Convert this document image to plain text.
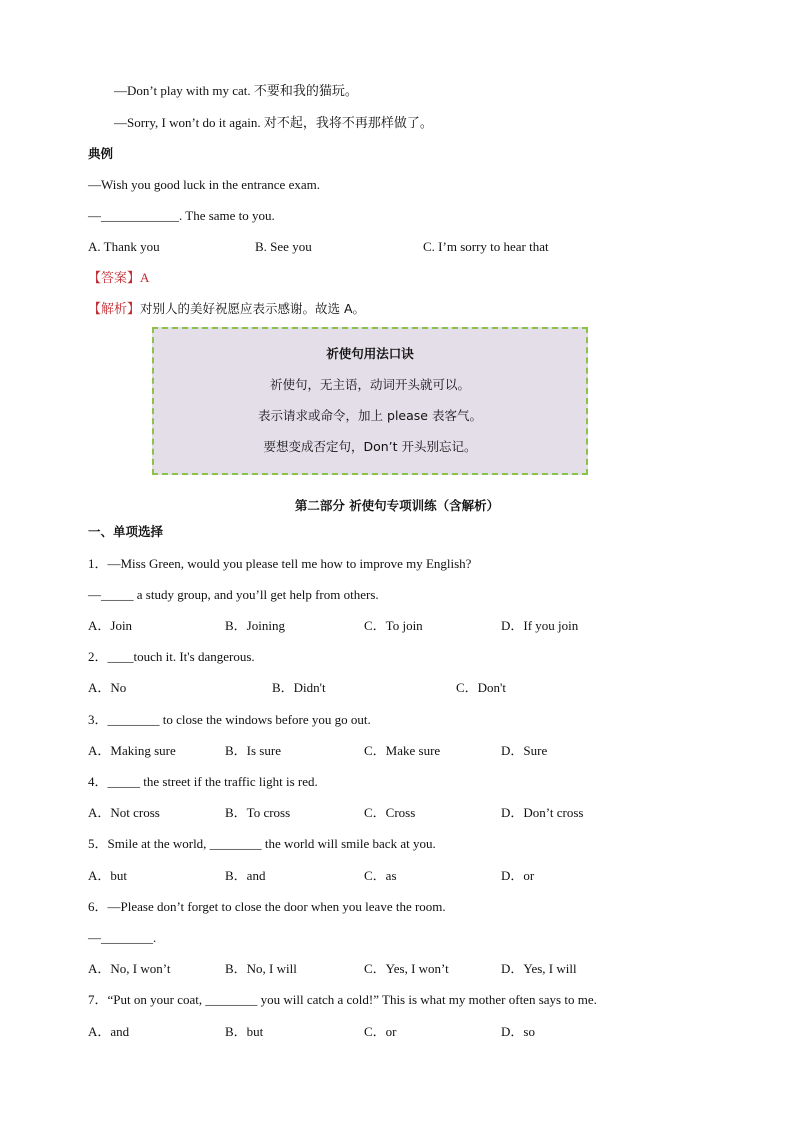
—Don’t play with my cat. 不要和我的猫玩。
—Sorry, I won’t do it again. 对不起，我将不再那样做了。
典例
—Wish you good luck in the entrance exam.
—____________. The same to you.
A. Thank you	B. See you	C. I’m sorry to hear that
【答案】A
【解析】对别人的美好祝愿应表示感谢。故选 A。
祈使句用法口诀
祈使句，无主语，动词开头就可以。
表示请求或命令，加上 please 表客气。
要想变成否定句，Don’t 开头别忘记。
第二部分 祈使句专项训练（含解析）
一、单项选择
1．—Miss Green, would you please tell me how to improve my English?
—_____ a study group, and you’ll get help from others.
A．Join	B．Joining	C．To join	D．If you join
2．____touch it. It's dangerous.
A．No	B．Didn't	C．Don't
3．________ to close the windows before you go out.
A．Making sure	B．Is sure	C．Make sure	D．Sure
4．_____ the street if the traffic light is red.
A．Not cross	B．To cross	C．Cross	D．Don’t cross
5．Smile at the world, ________ the world will smile back at you.
A．but	B．and	C．as	D．or
6．—Please don’t forget to close the door when you leave the room.
—________.
A．No, I won’t	B．No, I will	C．Yes, I won’t	D．Yes, I will
7．“Put on your coat, ________ you will catch a cold!” This is what my mother often says to me.
A．and	B．but	C．or	D．so
